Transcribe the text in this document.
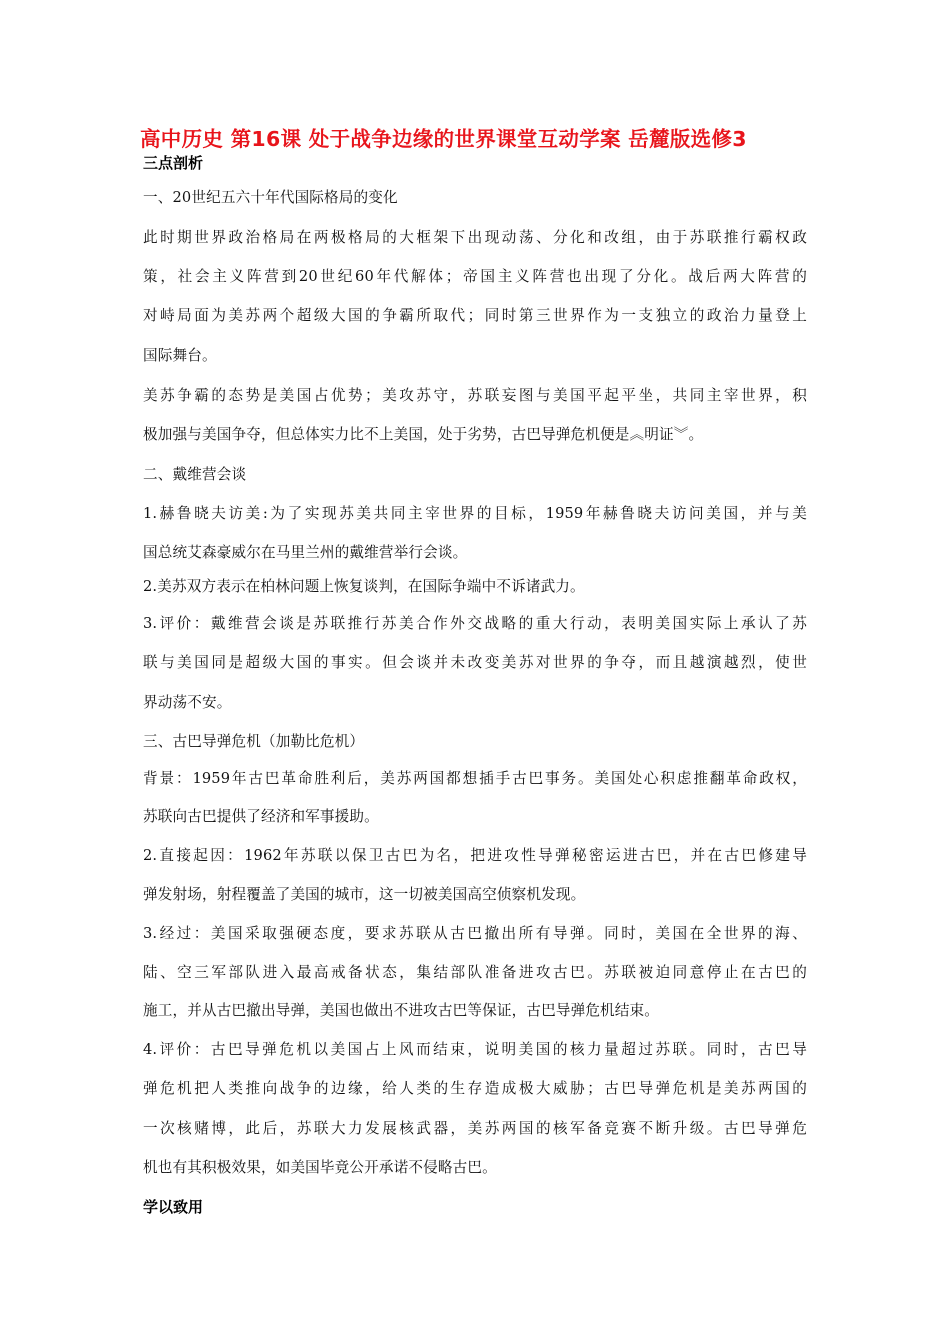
高中历史 第16课 处于战争边缘的世界课堂互动学案 岳麓版选修3
三点剖析
一、20世纪五六十年代国际格局的变化
此时期世界政治格局在两极格局的大框架下出现动荡、分化和改组，由于苏联推行霸权政
策，社会主义阵营到20世纪60年代解体；帝国主义阵营也出现了分化。战后两大阵营的
对峙局面为美苏两个超级大国的争霸所取代；同时第三世界作为一支独立的政治力量登上
国际舞台。
美苏争霸的态势是美国占优势；美攻苏守，苏联妄图与美国平起平坐，共同主宰世界，积
极加强与美国争夺，但总体实力比不上美国，处于劣势，古巴导弹危机便是︽明证︾。
二、戴维营会谈
1.赫鲁晓夫访美:为了实现苏美共同主宰世界的目标，1959年赫鲁晓夫访问美国，并与美
国总统艾森豪威尔在马里兰州的戴维营举行会谈。
2.美苏双方表示在柏林问题上恢复谈判，在国际争端中不诉诸武力。
3.评价：戴维营会谈是苏联推行苏美合作外交战略的重大行动，表明美国实际上承认了苏
联与美国同是超级大国的事实。但会谈并未改变美苏对世界的争夺，而且越演越烈，使世
界动荡不安。
三、古巴导弹危机（加勒比危机）
背景：1959年古巴革命胜利后，美苏两国都想插手古巴事务。美国处心积虑推翻革命政权，
苏联向古巴提供了经济和军事援助。
2.直接起因：1962年苏联以保卫古巴为名，把进攻性导弹秘密运进古巴，并在古巴修建导
弹发射场，射程覆盖了美国的城市，这一切被美国高空侦察机发现。
3.经过：美国采取强硬态度，要求苏联从古巴撤出所有导弹。同时，美国在全世界的海、
陆、空三军部队进入最高戒备状态，集结部队准备进攻古巴。苏联被迫同意停止在古巴的
施工，并从古巴撤出导弹，美国也做出不进攻古巴等保证，古巴导弹危机结束。
4.评价：古巴导弹危机以美国占上风而结束，说明美国的核力量超过苏联。同时，古巴导
弹危机把人类推向战争的边缘，给人类的生存造成极大威胁；古巴导弹危机是美苏两国的
一次核赌博，此后，苏联大力发展核武器，美苏两国的核军备竞赛不断升级。古巴导弹危
机也有其积极效果，如美国毕竟公开承诺不侵略古巴。
学以致用
